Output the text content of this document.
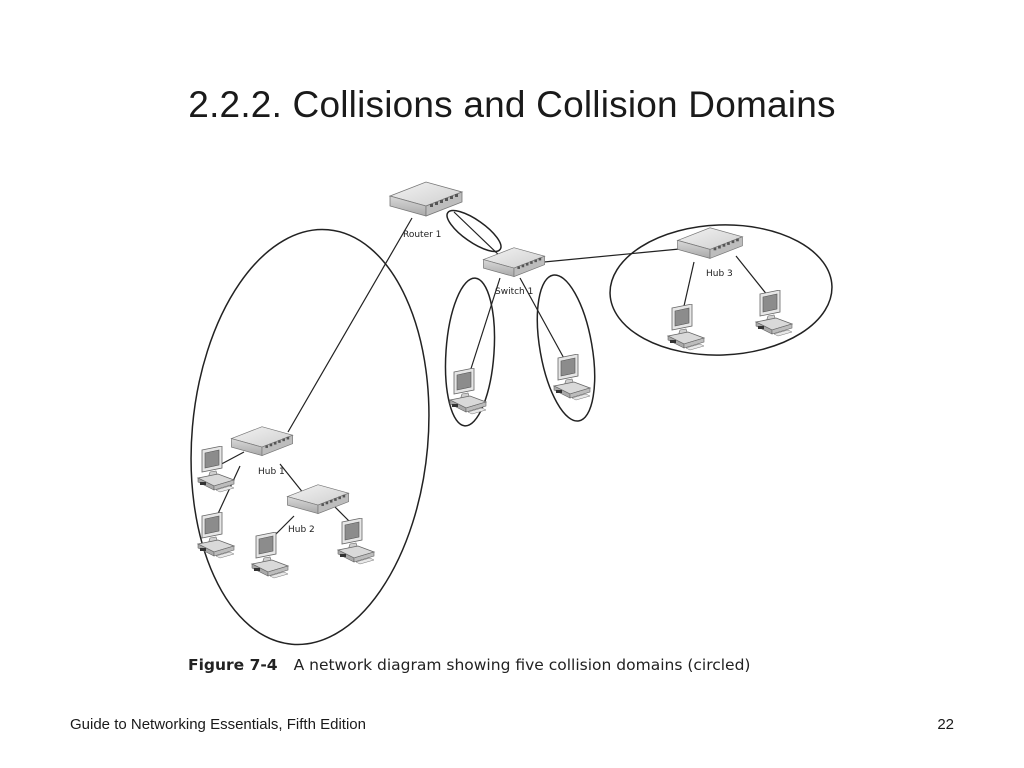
2.2.2. Collisions and Collision Domains
Router 1
Switch 1
Hub 1
Hub 2
Hub 3
Figure 7-4 A network diagram showing five collision domains (circled)
Guide to Networking Essentials, Fifth Edition	22
